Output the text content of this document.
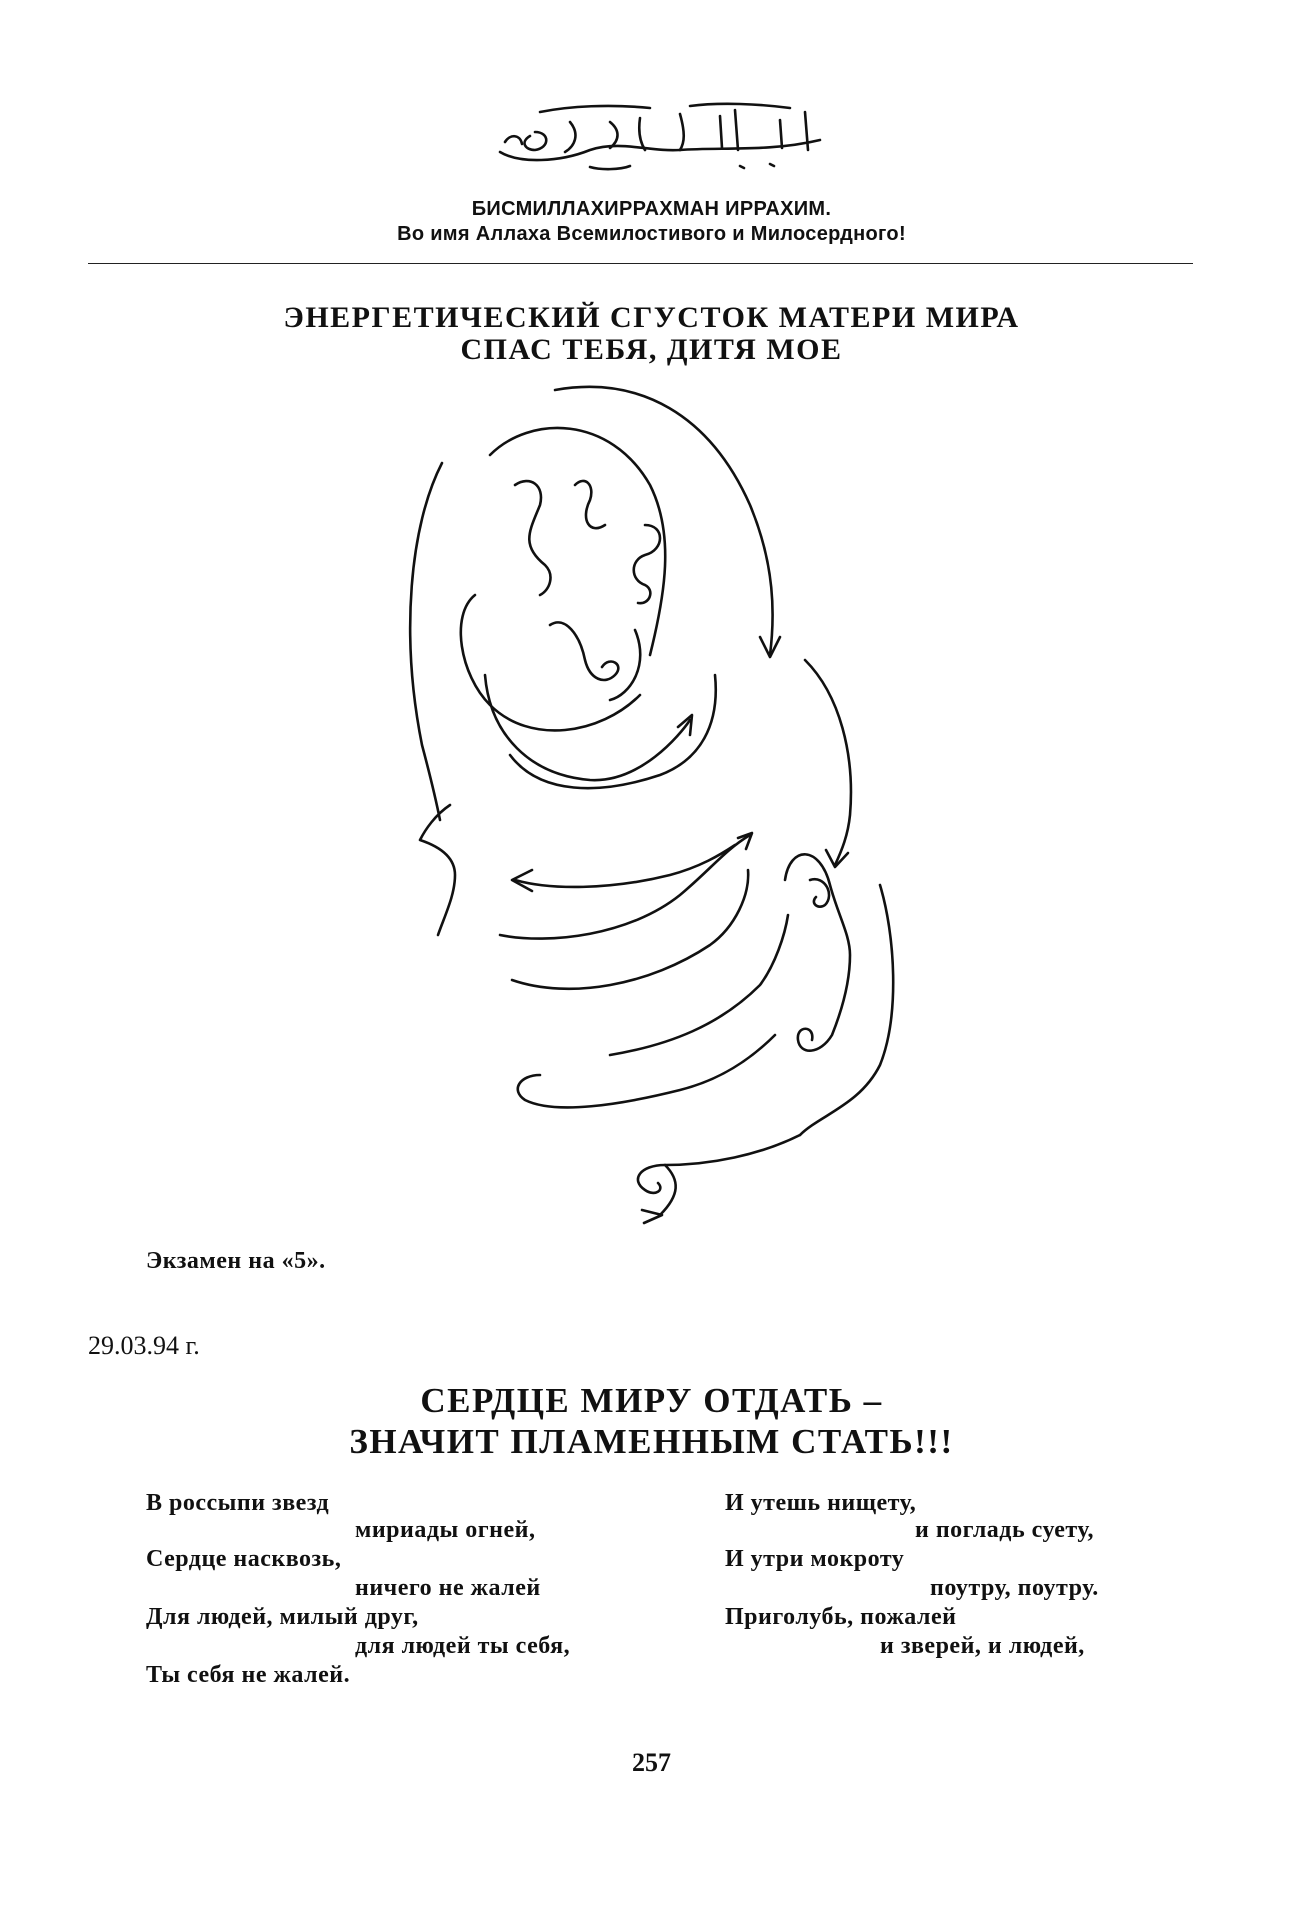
БИСМИЛЛАХИРРАХМАН ИРРАХИМ.
Во имя Аллаха Всемилостивого и Милосердного!
ЭНЕРГЕТИЧЕСКИЙ СГУСТОК МАТЕРИ МИРА
СПАС ТЕБЯ, ДИТЯ МОЕ
Экзамен на «5».
29.03.94 г.
СЕРДЦЕ МИРУ ОТДАТЬ –
ЗНАЧИТ ПЛАМЕННЫМ СТАТЬ!!!
В россыпи звезд
мириады огней,
Сердце насквозь,
ничего не жалей
Для людей, милый друг,
для людей ты себя,
Ты себя не жалей.
И утешь нищету,
и погладь суету,
И утри мокроту
поутру, поутру.
Приголубь, пожалей
и зверей, и людей,
257
